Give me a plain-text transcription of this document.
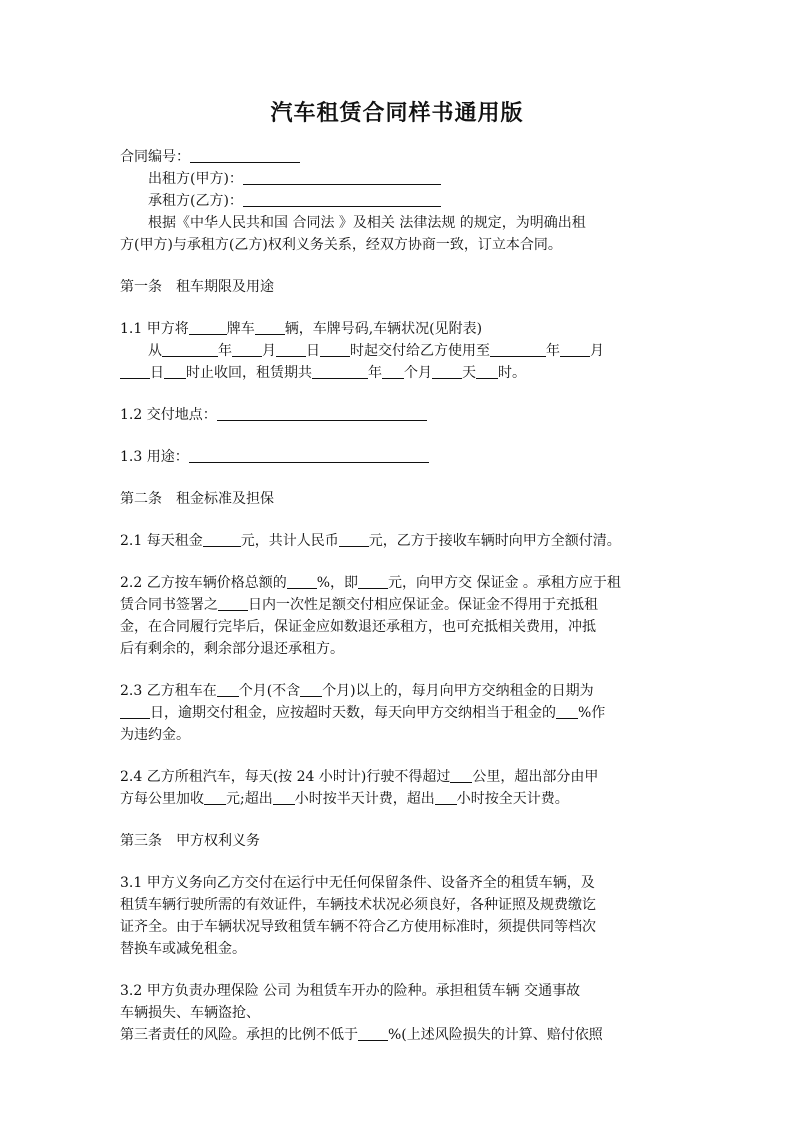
汽车租赁合同样书通用版
合同编号：
出租方(甲方)：
承租方(乙方)：
根据《中华人民共和国 合同法 》及相关 法律法规 的规定，为明确出租
方(甲方)与承租方(乙方)权利义务关系，经双方协商一致，订立本合同。
第一条 租车期限及用途
1.1 甲方将	牌车 辆，车牌号码,车辆状况(见附表)
从	年 月 日 时起交付给乙方使用至	年 月
日 时止收回，租赁期共	年 个月 天 时。
1.2 交付地点：
1.3 用途：
第二条 租金标准及担保
2.1 每天租金	元，共计人民币 元，乙方于接收车辆时向甲方全额付清。
2.2 乙方按车辆价格总额的 %，即 元，向甲方交 保证金 。承租方应于租
赁合同书签署之 日内一次性足额交付相应保证金。保证金不得用于充抵租
金，在合同履行完毕后，保证金应如数退还承租方，也可充抵相关费用，冲抵
后有剩余的，剩余部分退还承租方。
2.3 乙方租车在 个月(不含 个月)以上的，每月向甲方交纳租金的日期为
日，逾期交付租金，应按超时天数，每天向甲方交纳相当于租金的 %作
为违约金。
2.4 乙方所租汽车，每天(按 24 小时计)行驶不得超过 公里，超出部分由甲
方每公里加收 元;超出 小时按半天计费，超出 小时按全天计费。
第三条 甲方权利义务
3.1 甲方义务向乙方交付在运行中无任何保留条件、设备齐全的租赁车辆，及
租赁车辆行驶所需的有效证件，车辆技术状况必须良好，各种证照及规费缴讫
证齐全。由于车辆状况导致租赁车辆不符合乙方使用标准时，须提供同等档次
替换车或减免租金。
3.2 甲方负责办理保险 公司 为租赁车开办的险种。承担租赁车辆 交通事故
车辆损失、车辆盗抢、
第三者责任的风险。承担的比例不低于 %(上述风险损失的计算、赔付依照
